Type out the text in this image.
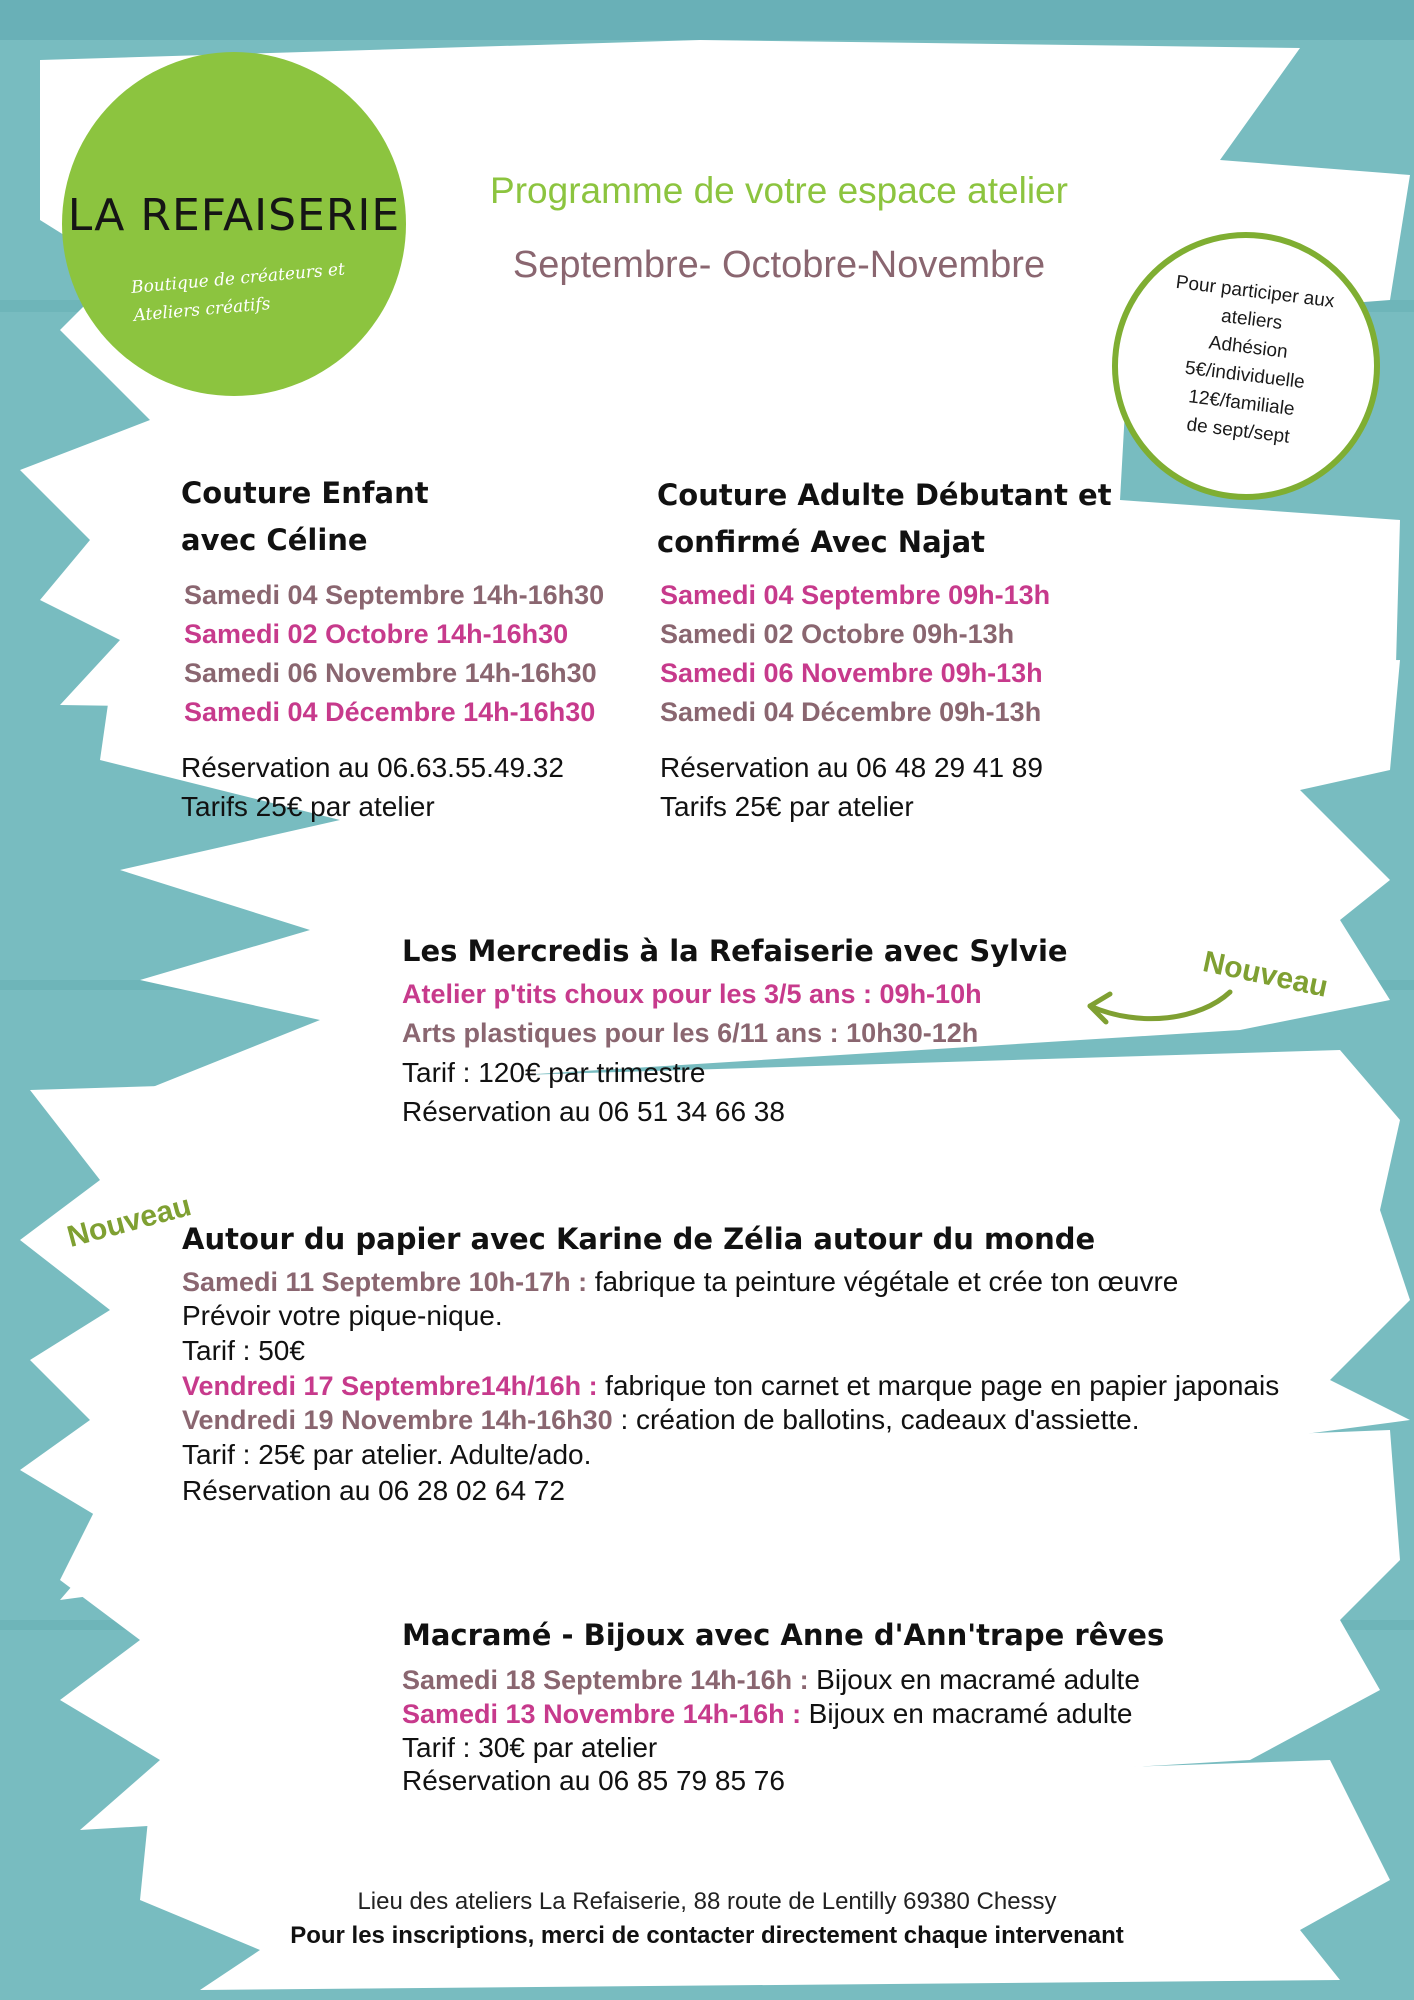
LA REFAISERIE
Boutique de créateurs et Ateliers créatifs
Programme de votre espace atelier
Septembre- Octobre-Novembre
Pour participer aux
ateliers
Adhésion
5€/individuelle
12€/familiale
de sept/sept
Couture Enfant
avec Céline
Samedi 04 Septembre 14h-16h30
Samedi 02 Octobre 14h-16h30
Samedi 06 Novembre 14h-16h30
Samedi 04 Décembre 14h-16h30
Réservation au 06.63.55.49.32
Tarifs 25€ par atelier
Couture Adulte Débutant et
confirmé Avec Najat
Samedi 04 Septembre 09h-13h
Samedi 02 Octobre 09h-13h
Samedi 06 Novembre 09h-13h
Samedi 04 Décembre 09h-13h
Réservation au 06 48 29 41 89
Tarifs 25€ par atelier
Les Mercredis à la Refaiserie avec Sylvie
Atelier p'tits choux pour les 3/5 ans : 09h-10h
Arts plastiques pour les 6/11 ans : 10h30-12h
Tarif : 120€ par trimestre
Réservation au 06 51 34 66 38
Nouveau
Nouveau
Autour du papier avec Karine de Zélia autour du monde
Samedi 11 Septembre 10h-17h : fabrique ta peinture végétale et crée ton œuvre
Prévoir votre pique-nique.
Tarif : 50€
Vendredi 17 Septembre14h/16h : fabrique ton carnet et marque page en papier japonais
Vendredi 19 Novembre 14h-16h30 : création de ballotins, cadeaux d'assiette.
Tarif : 25€ par atelier. Adulte/ado.
Réservation au 06 28 02 64 72
Macramé - Bijoux avec Anne d'Ann'trape rêves
Samedi 18 Septembre 14h-16h : Bijoux en macramé adulte
Samedi 13 Novembre 14h-16h : Bijoux en macramé adulte
Tarif : 30€ par atelier
Réservation au 06 85 79 85 76
Lieu des ateliers La Refaiserie, 88 route de Lentilly 69380 Chessy
Pour les inscriptions, merci de contacter directement chaque intervenant
